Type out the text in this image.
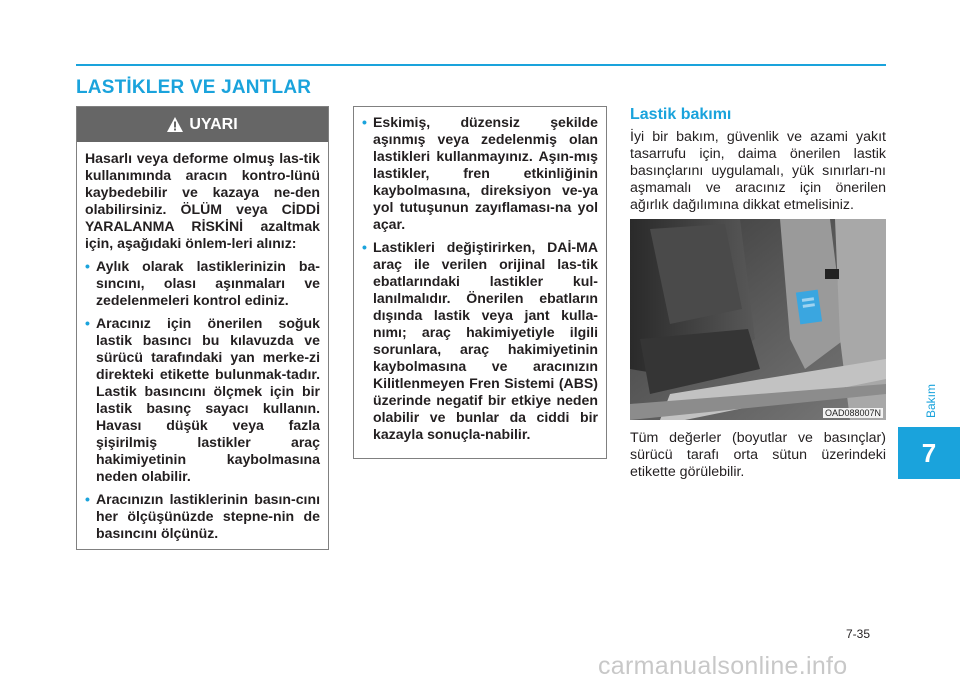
LASTİKLER VE JANTLAR
UYARI

Hasarlı veya deforme olmuş las-tik kullanımında aracın kontro-lünü kaybedebilir ve kazaya ne-den olabilirsiniz. ÖLÜM veya CİDDİ YARALANMA RİSKİNİ azaltmak için, aşağıdaki önlem-leri alınız:

• Aylık olarak lastiklerinizin ba-sıncını, olası aşınmaları ve zedelenmeleri kontrol ediniz.
• Aracınız için önerilen soğuk lastik basıncı bu kılavuzda ve sürücü tarafındaki yan merke-zi direkteki etikette bulunmak-tadır. Lastik basıncını ölçmek için bir lastik basınç sayacı kullanın. Havası düşük veya fazla şişirilmiş lastikler araç hakimiyetinin kaybolmasına neden olabilir.
• Aracınızın lastiklerinin basın-cını her ölçüşünüzde stepne-nin de basıncını ölçünüz.
• Eskimiş, düzensiz şekilde aşınmış veya zedelenmiş olan lastikleri kullanmayınız. Aşın-mış lastikler, fren etkinliğinin kaybolmasına, direksiyon ve-ya yol tutuşunun zayıflaması-na yol açar.
• Lastikleri değiştirirken, DAİ-MA araç ile verilen orijinal las-tik ebatlarındaki lastikler kul-lanılmalıdır. Önerilen ebatların dışında lastik veya jant kulla-nımı; araç hakimiyetiyle ilgili sorunlara, araç hakimiyetinin kaybolmasına ve aracınızın Kilitlenmeyen Fren Sistemi (ABS) üzerinde negatif bir etkiye neden olabilir ve bunlar da ciddi bir kazayla sonuçla-nabilir.
Lastik bakımı

İyi bir bakım, güvenlik ve azami yakıt tasarrufu için, daima önerilen lastik basınçlarını uygulamalı, yük sınırları-nı aşmamalı ve aracınız için önerilen ağırlık dağılımına dikkat etmelisiniz.

OAD088007N

Tüm değerler (boyutlar ve basınçlar) sürücü tarafı orta sütun üzerindeki etikette görülebilir.

Bakım
7
7-35
carmanualsonline.info
